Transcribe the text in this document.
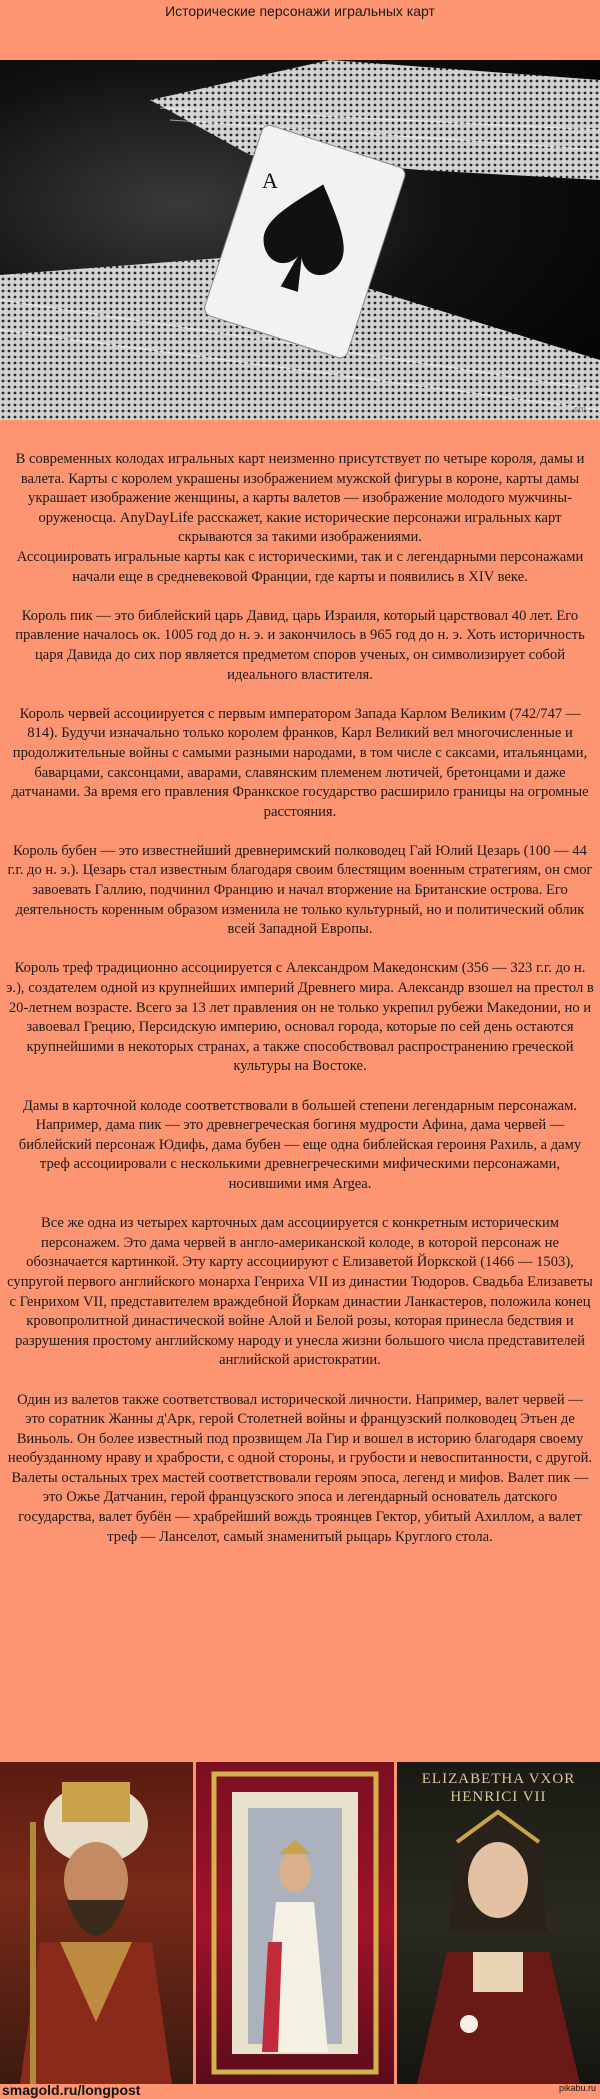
Исторические персонажи игральных карт
A
...sm

В современных колодах игральных карт неизменно присутствует по четыре короля, дамы и валета. Карты с королем украшены изображением мужской фигуры в короне, карты дамы украшает изображение женщины, а карты валетов — изображение молодого мужчины-оруженосца. AnyDayLife расскажет, какие исторические персонажи игральных карт скрываются за такими изображениями.

Ассоциировать игральные карты как с историческими, так и с легендарными персонажами начали еще в средневековой Франции, где карты и появились в XIV веке.

Король пик — это библейский царь Давид, царь Израиля, который царствовал 40 лет. Его правление началось ок. 1005 год до н. э. и закончилось в 965 год до н. э. Хоть историчность царя Давида до сих пор является предметом споров ученых, он символизирует собой идеального властителя.

Король червей ассоциируется с первым императором Запада Карлом Великим (742/747 — 814). Будучи изначально только королем франков, Карл Великий вел многочисленные и продолжительные войны с самыми разными народами, в том числе с саксами, итальянцами, баварцами, саксонцами, аварами, славянским племенем лютичей, бретонцами и даже датчанами. За время его правления Франкское государство расширило границы на огромные расстояния.

Король бубен — это известнейший древнеримский полководец Гай Юлий Цезарь (100 — 44 г.г. до н. э.). Цезарь стал известным благодаря своим блестящим военным стратегиям, он смог завоевать Галлию, подчинил Францию и начал вторжение на Британские острова. Его деятельность коренным образом изменила не только культурный, но и политический облик всей Западной Европы.

Король треф традиционно ассоциируется с Александром Македонским (356 — 323 г.г. до н. э.), создателем одной из крупнейших империй Древнего мира. Александр взошел на престол в 20-летнем возрасте. Всего за 13 лет правления он не только укрепил рубежи Македонии, но и завоевал Грецию, Персидскую империю, основал города, которые по сей день остаются крупнейшими в некоторых странах, а также способствовал распространению греческой культуры на Востоке.

Дамы в карточной колоде соответствовали в большей степени легендарным персонажам. Например, дама пик — это древнегреческая богиня мудрости Афина, дама червей — библейский персонаж Юдифь, дама бубен — еще одна библейская героиня Рахиль, а даму треф ассоциировали с несколькими древнегреческими мифическими персонажами, носившими имя Argea.

Все же одна из четырех карточных дам ассоциируется с конкретным историческим персонажем. Это дама червей в англо-американской колоде, в которой персонаж не обозначается картинкой. Эту карту ассоциируют с Елизаветой Йоркской (1466 — 1503), супругой первого английского монарха Генриха VII из династии Тюдоров. Свадьба Елизаветы с Генрихом VII, представителем враждебной Йоркам династии Ланкастеров, положила конец кровопролитной династической войне Алой и Белой розы, которая принесла бедствия и разрушения простому английскому народу и унесла жизни большого числа представителей английской аристократии.

Один из валетов также соответствовал исторической личности. Например, валет червей — это соратник Жанны д'Арк, герой Столетней войны и французский полководец Этьен де Виньоль. Он более известный под прозвищем Ла Гир и вошел в историю благодаря своему необузданному нраву и храбрости, с одной стороны, и грубости и невоспитанности, с другой. Валеты остальных трех мастей соответствовали героям эпоса, легенд и мифов. Валет пик — это Ожье Датчанин, герой французского эпоса и легендарный основатель датского государства, валет бубён — храбрейший вождь троянцев Гектор, убитый Ахиллом, а валет треф — Ланселот, самый знаменитый рыцарь Круглого стола.

ELIZABETHA VXOR
HENRICI VII
smagold.ru/longpost	pikabu.ru
